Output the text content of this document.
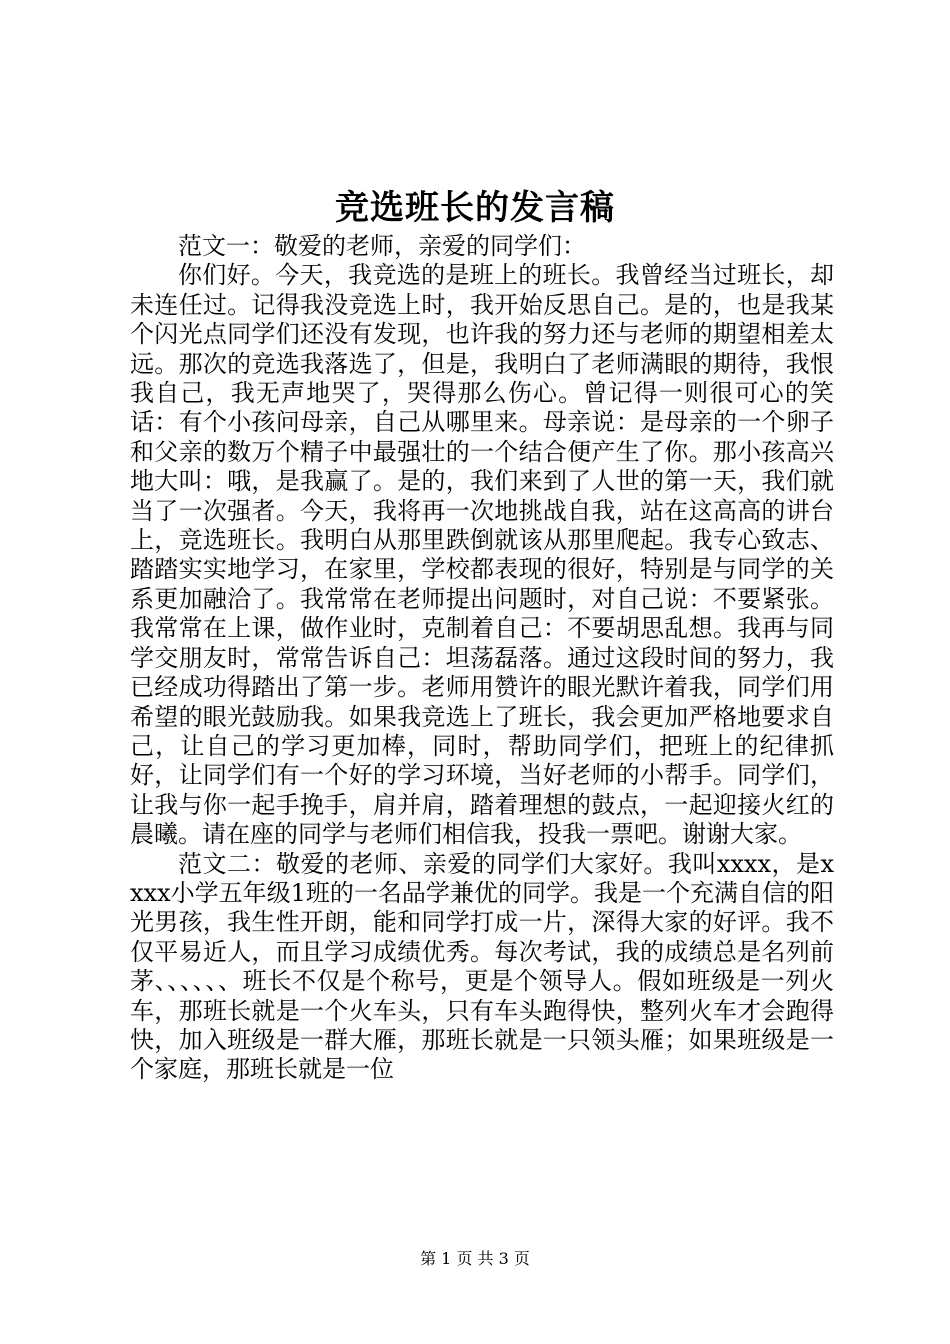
竞选班长的发言稿

范文一：敬爱的老师，亲爱的同学们：

你们好。今天，我竞选的是班上的班长。我曾经当过班长，却未连任过。记得我没竞选上时，我开始反思自己。是的，也是我某个闪光点同学们还没有发现，也许我的努力还与老师的期望相差太远。那次的竞选我落选了，但是，我明白了老师满眼的期待，我恨我自己，我无声地哭了，哭得那么伤心。曾记得一则很可心的笑话：有个小孩问母亲，自己从哪里来。母亲说：是母亲的一个卵子和父亲的数万个精子中最强壮的一个结合便产生了你。那小孩高兴地大叫：哦，是我赢了。是的，我们来到了人世的第一天，我们就当了一次强者。今天，我将再一次地挑战自我，站在这高高的讲台上，竞选班长。我明白从那里跌倒就该从那里爬起。我专心致志、踏踏实实地学习，在家里，学校都表现的很好，特别是与同学的关系更加融洽了。我常常在老师提出问题时，对自己说：不要紧张。我常常在上课，做作业时，克制着自己：不要胡思乱想。我再与同学交朋友时，常常告诉自己：坦荡磊落。通过这段时间的努力，我已经成功得踏出了第一步。老师用赞许的眼光默许着我，同学们用希望的眼光鼓励我。如果我竞选上了班长，我会更加严格地要求自己，让自己的学习更加棒，同时，帮助同学们，把班上的纪律抓好，让同学们有一个好的学习环境，当好老师的小帮手。同学们，让我与你一起手挽手，肩并肩，踏着理想的鼓点，一起迎接火红的晨曦。请在座的同学与老师们相信我，投我一票吧。谢谢大家。

范文二：敬爱的老师、亲爱的同学们大家好。我叫xxxx，是xxxx小学五年级1班的一名品学兼优的同学。我是一个充满自信的阳光男孩，我生性开朗，能和同学打成一片，深得大家的好评。我不仅平易近人，而且学习成绩优秀。每次考试，我的成绩总是名列前茅、、、、、、班长不仅是个称号，更是个领导人。假如班级是一列火车，那班长就是一个火车头，只有车头跑得快，整列火车才会跑得快，加入班级是一群大雁，那班长就是一只领头雁；如果班级是一个家庭，那班长就是一位

第 1 页 共 3 页
